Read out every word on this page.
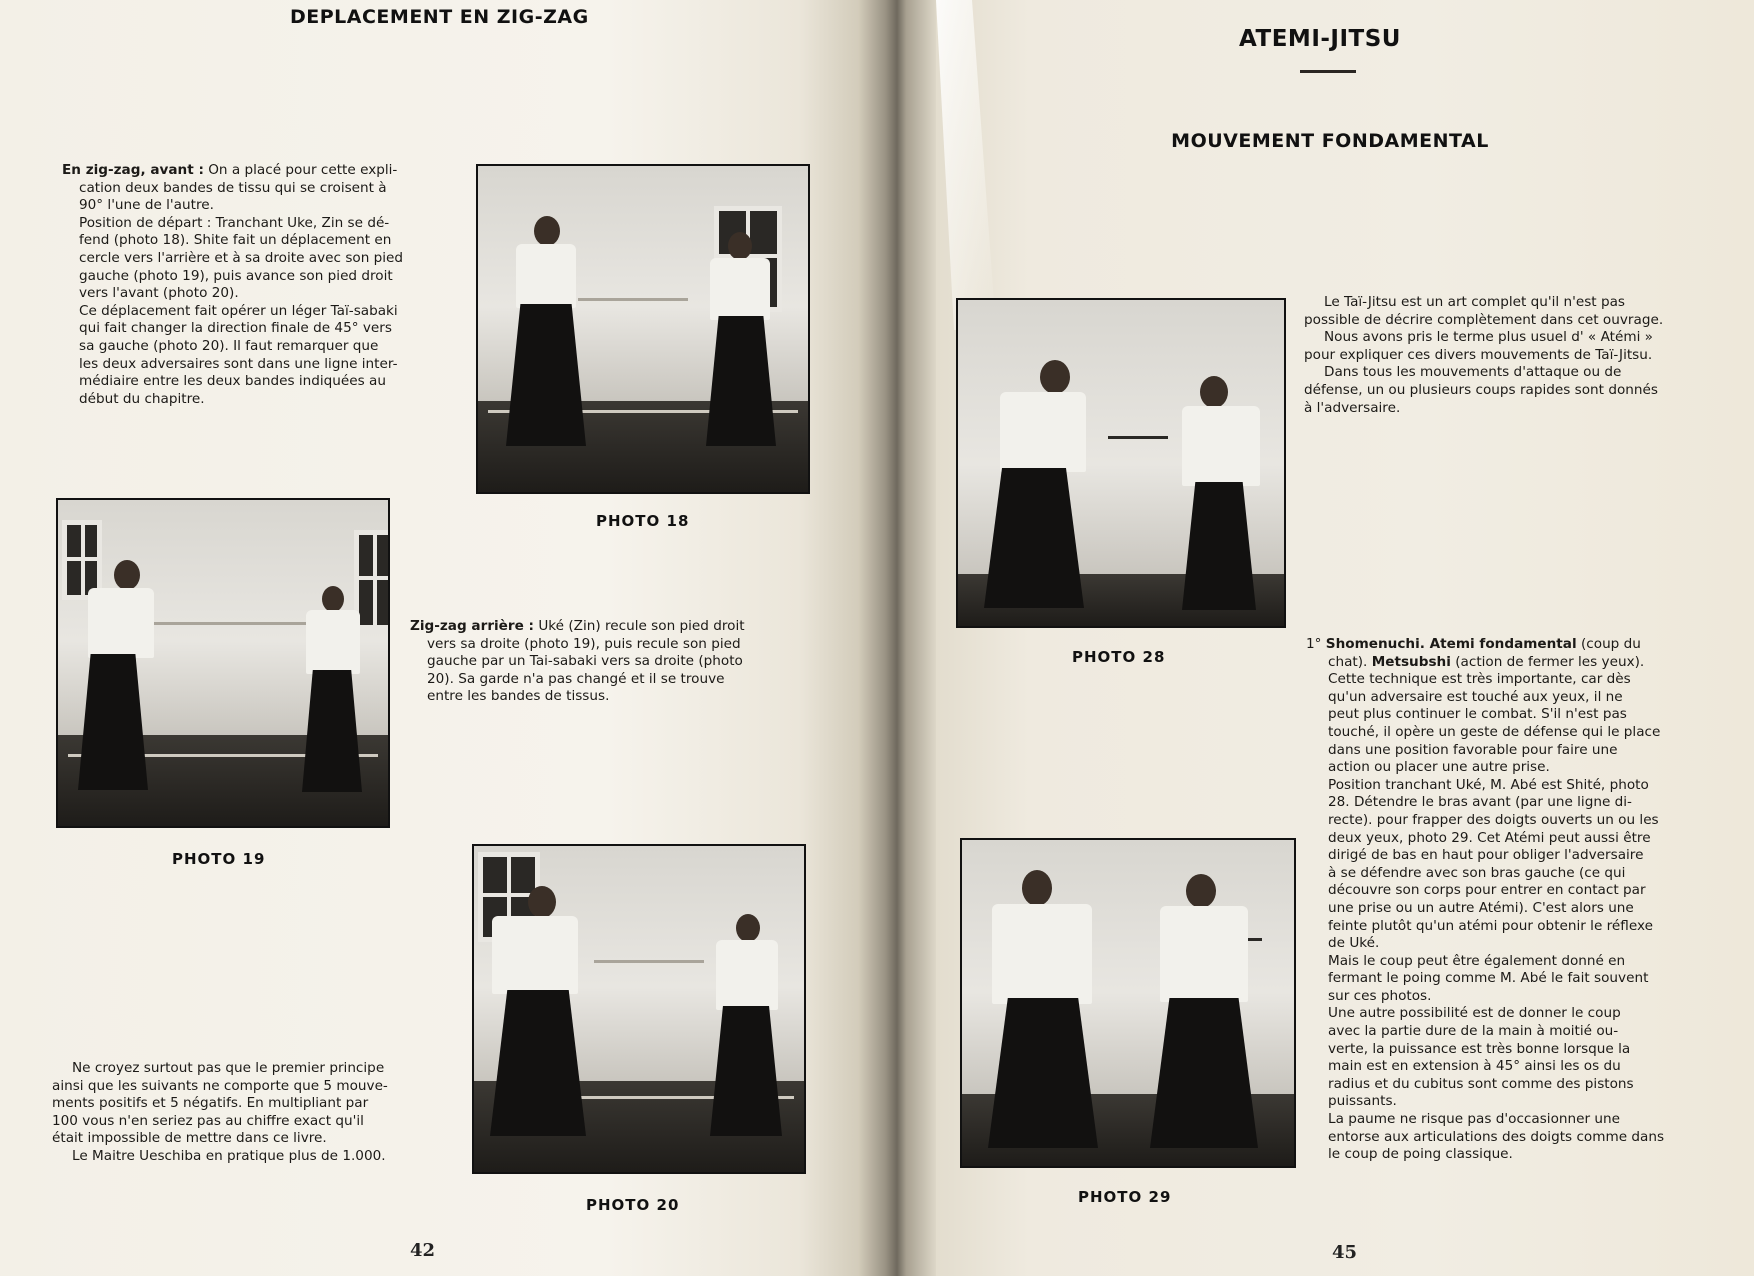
DEPLACEMENT EN ZIG-ZAG

En zig-zag, avant : On a placé pour cette expli-

cation deux bandes de tissu qui se croisent à

90° l'une de l'autre.

Position de départ : Tranchant Uke, Zin se dé-

fend (photo 18). Shite fait un déplacement en

cercle vers l'arrière et à sa droite avec son pied

gauche (photo 19), puis avance son pied droit

vers l'avant (photo 20).

Ce déplacement fait opérer un léger Taï-sabaki

qui fait changer la direction finale de 45° vers

sa gauche (photo 20). Il faut remarquer que

les deux adversaires sont dans une ligne inter-

médiaire entre les deux bandes indiquées au

début du chapitre.

PHOTO 18
PHOTO 19

Zig-zag arrière : Uké (Zin) recule son pied droit

vers sa droite (photo 19), puis recule son pied

gauche par un Tai-sabaki vers sa droite (photo

20). Sa garde n'a pas changé et il se trouve

entre les bandes de tissus.

PHOTO 20

Ne croyez surtout pas que le premier principe

ainsi que les suivants ne comporte que 5 mouve-

ments positifs et 5 négatifs. En multipliant par

100 vous n'en seriez pas au chiffre exact qu'il

était impossible de mettre dans ce livre.

Le Maitre Ueschiba en pratique plus de 1.000.

42
ATEMI-JITSU
MOUVEMENT FONDAMENTAL
PHOTO 28

Le Taï-Jitsu est un art complet qu'il n'est pas

possible de décrire complètement dans cet ouvrage.

Nous avons pris le terme plus usuel d' « Atémi »

pour expliquer ces divers mouvements de Taï-Jitsu.

Dans tous les mouvements d'attaque ou de

défense, un ou plusieurs coups rapides sont donnés

à l'adversaire.

1° Shomenuchi. Atemi fondamental (coup du

chat). Metsubshi (action de fermer les yeux).

Cette technique est très importante, car dès

qu'un adversaire est touché aux yeux, il ne

peut plus continuer le combat. S'il n'est pas

touché, il opère un geste de défense qui le place

dans une position favorable pour faire une

action ou placer une autre prise.

Position tranchant Uké, M. Abé est Shité, photo

28. Détendre le bras avant (par une ligne di-

recte). pour frapper des doigts ouverts un ou les

deux yeux, photo 29. Cet Atémi peut aussi être

dirigé de bas en haut pour obliger l'adversaire

à se défendre avec son bras gauche (ce qui

découvre son corps pour entrer en contact par

une prise ou un autre Atémi). C'est alors une

feinte plutôt qu'un atémi pour obtenir le réflexe

de Uké.

Mais le coup peut être également donné en

fermant le poing comme M. Abé le fait souvent

sur ces photos.

Une autre possibilité est de donner le coup

avec la partie dure de la main à moitié ou-

verte, la puissance est très bonne lorsque la

main est en extension à 45° ainsi les os du

radius et du cubitus sont comme des pistons

puissants.

La paume ne risque pas d'occasionner une

entorse aux articulations des doigts comme dans

le coup de poing classique.

PHOTO 29
45
